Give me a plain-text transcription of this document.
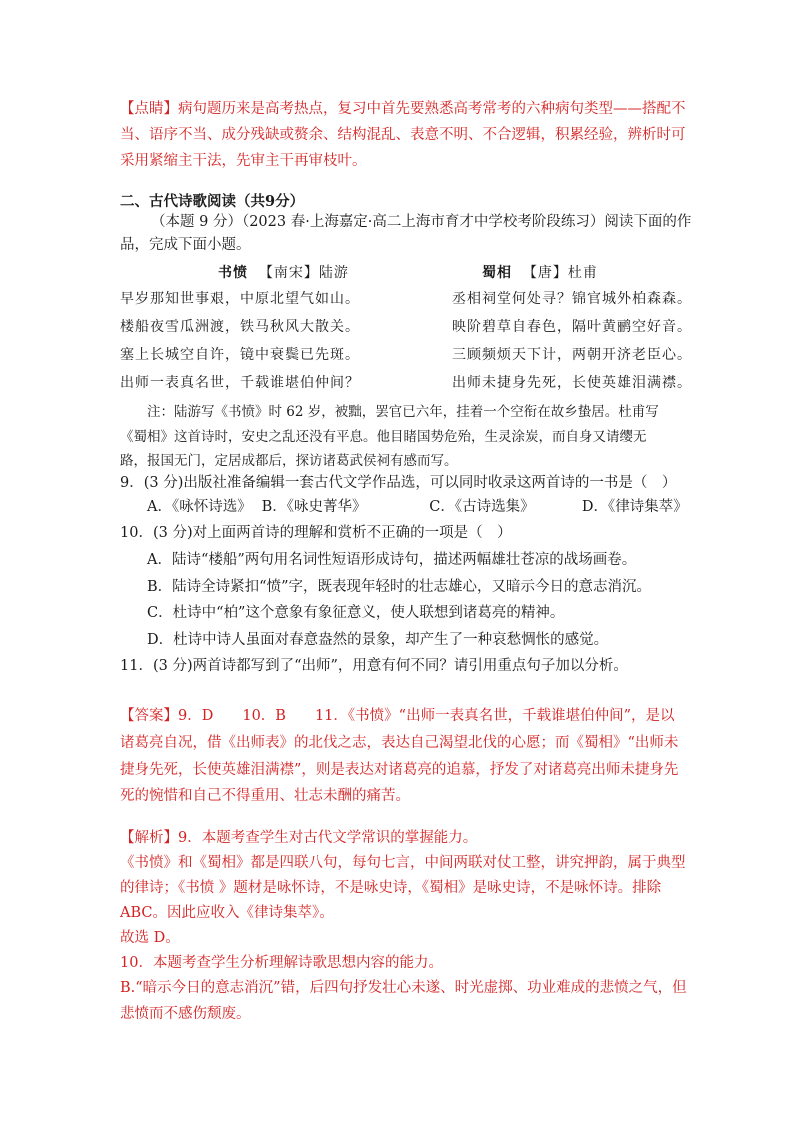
【点睛】病句题历来是高考热点，复习中首先要熟悉高考常考的六种病句类型——搭配不
当、语序不当、成分残缺或赘余、结构混乱、表意不明、不合逻辑，积累经验，辨析时可
采用紧缩主干法，先审主干再审枝叶。
二、古代诗歌阅读（共9分）
（本题 9 分）（2023 春·上海嘉定·高二上海市育才中学校考阶段练习）阅读下面的作
品，完成下面小题。
书愤 【南宋】陆游	蜀相 【唐】杜甫
早岁那知世事艰，中原北望气如山。
楼船夜雪瓜洲渡，铁马秋风大散关。
塞上长城空自许，镜中衰鬓已先斑。
出师一表真名世，千载谁堪伯仲间？
丞相祠堂何处寻？锦官城外柏森森。
映阶碧草自春色，隔叶黄鹂空好音。
三顾频烦天下计，两朝开济老臣心。
出师未捷身先死，长使英雄泪满襟。
注：陆游写《书愤》时 62 岁，被黜，罢官已六年，挂着一个空衔在故乡蛰居。杜甫写
《蜀相》这首诗时，安史之乱还没有平息。他目睹国势危殆，生灵涂炭，而自身又请缨无
路，报国无门，定居成都后，探访诸葛武侯祠有感而写。
9．(3 分)出版社准备编辑一套古代文学作品选，可以同时收录这两首诗的一书是（　）
A．《咏怀诗选》 B．《咏史菁华》	C．《古诗选集》	D．《律诗集萃》
10．(3 分)对上面两首诗的理解和赏析不正确的一项是（　）
A．陆诗“楼船”两句用名词性短语形成诗句，描述两幅雄壮苍凉的战场画卷。
B．陆诗全诗紧扣“愤”字，既表现年轻时的壮志雄心，又暗示今日的意志消沉。
C．杜诗中“柏”这个意象有象征意义，使人联想到诸葛亮的精神。
D．杜诗中诗人虽面对春意盎然的景象，却产生了一种哀愁惆怅的感觉。
11．(3 分)两首诗都写到了“出师”，用意有何不同？请引用重点句子加以分析。
【答案】9．D　　10．B　　11．《书愤》“出师一表真名世，千载谁堪伯仲间”，是以
诸葛亮自况，借《出师表》的北伐之志，表达自己渴望北伐的心愿；而《蜀相》“出师未
捷身先死，长使英雄泪满襟”，则是表达对诸葛亮的追慕，抒发了对诸葛亮出师未捷身先
死的惋惜和自己不得重用、壮志未酬的痛苦。
【解析】9．本题考查学生对古代文学常识的掌握能力。
《书愤》和《蜀相》都是四联八句，每句七言，中间两联对仗工整，讲究押韵，属于典型
的律诗；《书愤 》题材是咏怀诗，不是咏史诗，《蜀相》是咏史诗，不是咏怀诗。排除
ABC。因此应收入《律诗集萃》。
故选 D。
10．本题考查学生分析理解诗歌思想内容的能力。
B.“暗示今日的意志消沉”错，后四句抒发壮心未遂、时光虚掷、功业难成的悲愤之气，但
悲愤而不感伤颓废。
